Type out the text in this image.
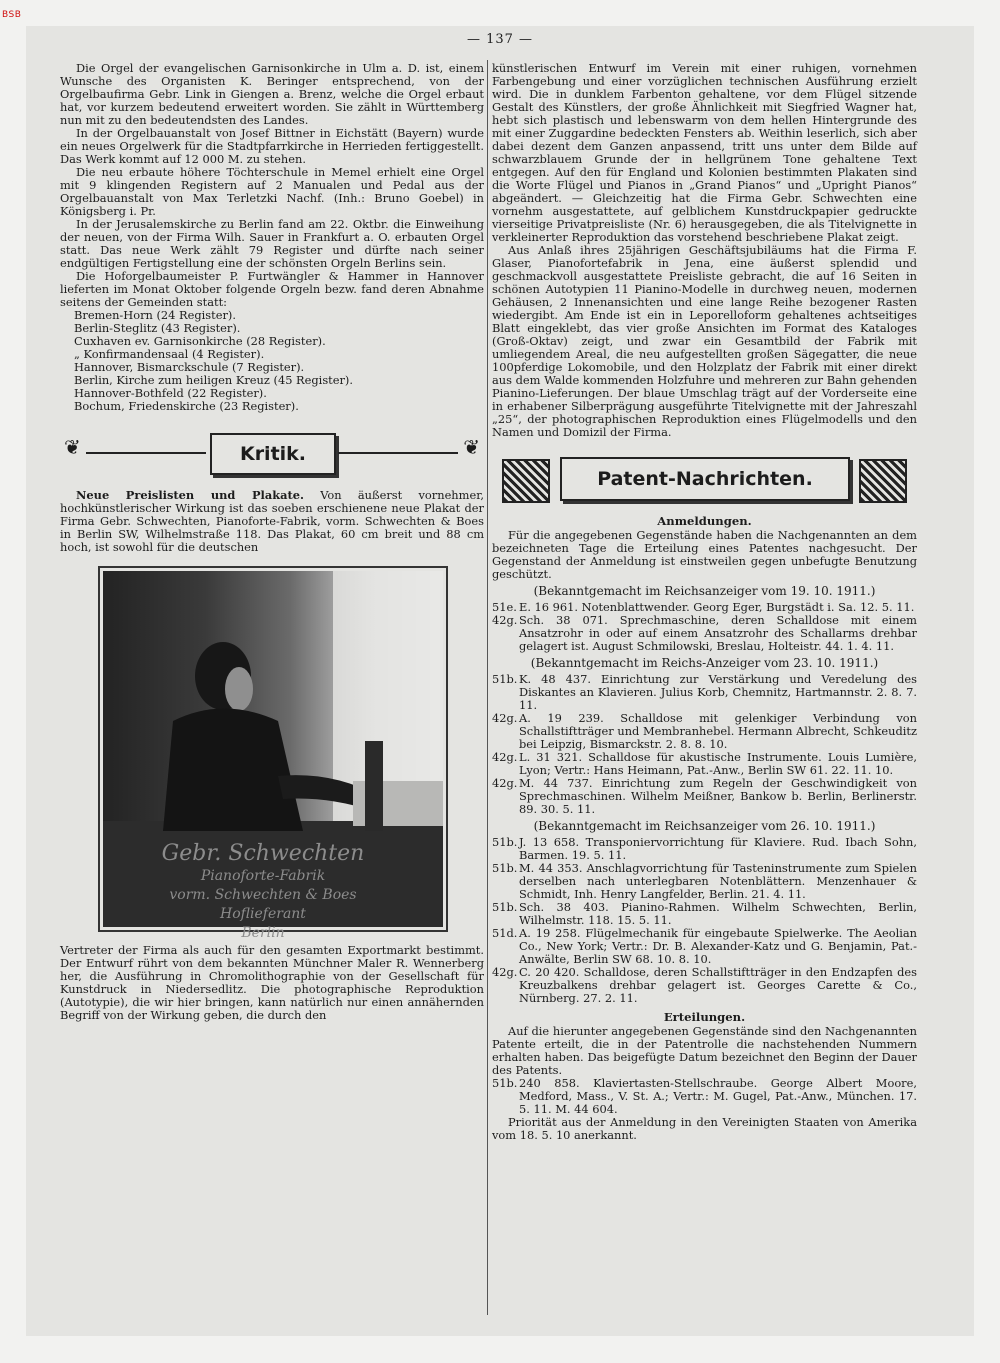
BSB
— 137 —

Die Orgel der evangelischen Garnisonkirche in Ulm a. D. ist, einem Wunsche des Organisten K. Beringer entsprechend, von der Orgelbaufirma Gebr. Link in Giengen a. Brenz, welche die Orgel erbaut hat, vor kurzem bedeutend erweitert worden. Sie zählt in Württemberg nun mit zu den bedeutendsten des Landes.

In der Orgelbauanstalt von Josef Bittner in Eichstätt (Bayern) wurde ein neues Orgelwerk für die Stadtpfarrkirche in Herrieden fertiggestellt. Das Werk kommt auf 12 000 M. zu stehen.

Die neu erbaute höhere Töchterschule in Memel erhielt eine Orgel mit 9 klingenden Registern auf 2 Manualen und Pedal aus der Orgelbauanstalt von Max Terletzki Nachf. (Inh.: Bruno Goebel) in Königsberg i. Pr.

In der Jerusalemskirche zu Berlin fand am 22. Oktbr. die Einweihung der neuen, von der Firma Wilh. Sauer in Frankfurt a. O. erbauten Orgel statt. Das neue Werk zählt 79 Register und dürfte nach seiner endgültigen Fertigstellung eine der schönsten Orgeln Berlins sein.

Die Hoforgelbaumeister P. Furtwängler & Hammer in Hannover lieferten im Monat Oktober folgende Orgeln bezw. fand deren Abnahme seitens der Gemeinden statt:

Bremen-Horn (24 Register).

Berlin-Steglitz (43 Register).

Cuxhaven ev. Garnisonkirche (28 Register).

„ Konfirmandensaal (4 Register).

Hannover, Bismarckschule (7 Register).

Berlin, Kirche zum heiligen Kreuz (45 Register).

Hannover-Bothfeld (22 Register).

Bochum, Friedenskirche (23 Register).

❦	Kritik.	❦

Neue Preislisten und Plakate. Von äußerst vornehmer, hochkünstlerischer Wirkung ist das soeben erschienene neue Plakat der Firma Gebr. Schwechten, Pianoforte-Fabrik, vorm. Schwechten & Boes in Berlin SW, Wilhelmstraße 118. Das Plakat, 60 cm breit und 88 cm hoch, ist sowohl für die deutschen

Gebr. Schwechten
Pianoforte-Fabrik
vorm. Schwechten & Boes
Hoflieferant
Berlin

Vertreter der Firma als auch für den gesamten Exportmarkt bestimmt. Der Entwurf rührt von dem bekannten Münchner Maler R. Wennerberg her, die Ausführung in Chromolithographie von der Gesellschaft für Kunstdruck in Niedersedlitz. Die photographische Reproduktion (Autotypie), die wir hier bringen, kann natürlich nur einen annähernden Begriff von der Wirkung geben, die durch den

künstlerischen Entwurf im Verein mit einer ruhigen, vornehmen Farbengebung und einer vorzüglichen technischen Ausführung erzielt wird. Die in dunklem Farbenton gehaltene, vor dem Flügel sitzende Gestalt des Künstlers, der große Ähnlichkeit mit Siegfried Wagner hat, hebt sich plastisch und lebenswarm von dem hellen Hintergrunde des mit einer Zuggardine bedeckten Fensters ab. Weithin leserlich, sich aber dabei dezent dem Ganzen anpassend, tritt uns unter dem Bilde auf schwarzblauem Grunde der in hellgrünem Tone gehaltene Text entgegen. Auf den für England und Kolonien bestimmten Plakaten sind die Worte Flügel und Pianos in „Grand Pianos“ und „Upright Pianos“ abgeändert. — Gleichzeitig hat die Firma Gebr. Schwechten eine vornehm ausgestattete, auf gelblichem Kunstdruckpapier gedruckte vierseitige Privatpreisliste (Nr. 6) herausgegeben, die als Titelvignette in verkleinerter Reproduktion das vorstehend beschriebene Plakat zeigt.

Aus Anlaß ihres 25jährigen Geschäftsjubiläums hat die Firma F. Glaser, Pianofortefabrik in Jena, eine äußerst splendid und geschmackvoll ausgestattete Preisliste gebracht, die auf 16 Seiten in schönen Autotypien 11 Pianino-Modelle in durchweg neuen, modernen Gehäusen, 2 Innenansichten und eine lange Reihe bezogener Rasten wiedergibt. Am Ende ist ein in Leporelloform gehaltenes achtseitiges Blatt eingeklebt, das vier große Ansichten im Format des Kataloges (Groß-Oktav) zeigt, und zwar ein Gesamtbild der Fabrik mit umliegendem Areal, die neu aufgestellten großen Sägegatter, die neue 100pferdige Lokomobile, und den Holzplatz der Fabrik mit einer direkt aus dem Walde kommenden Holzfuhre und mehreren zur Bahn gehenden Pianino-Lieferungen. Der blaue Umschlag trägt auf der Vorderseite eine in erhabener Silberprägung ausgeführte Titelvignette mit der Jahreszahl „25“, der photographischen Reproduktion eines Flügelmodells und den Namen und Domizil der Firma.

Patent-Nachrichten.
Anmeldungen.

Für die angegebenen Gegenstände haben die Nachgenannten an dem bezeichneten Tage die Erteilung eines Patentes nachgesucht. Der Gegenstand der Anmeldung ist einstweilen gegen unbefugte Benutzung geschützt.

(Bekanntgemacht im Reichsanzeiger vom 19. 10. 1911.)

51e. E. 16 961. Notenblattwender. Georg Eger, Burgstädt i. Sa. 12. 5. 11.
42g. Sch. 38 071. Sprechmaschine, deren Schalldose mit einem Ansatzrohr in oder auf einem Ansatzrohr des Schallarms drehbar gelagert ist. August Schmilowski, Breslau, Holteistr. 44. 1. 4. 11.

(Bekanntgemacht im Reichs-Anzeiger vom 23. 10. 1911.)

51b. K. 48 437. Einrichtung zur Verstärkung und Veredelung des Diskantes an Klavieren. Julius Korb, Chemnitz, Hartmannstr. 2. 8. 7. 11.
42g. A. 19 239. Schalldose mit gelenkiger Verbindung von Schallstiftträger und Membranhebel. Hermann Albrecht, Schkeuditz bei Leipzig, Bismarckstr. 2. 8. 8. 10.
42g. L. 31 321. Schalldose für akustische Instrumente. Louis Lumière, Lyon; Vertr.: Hans Heimann, Pat.-Anw., Berlin SW 61. 22. 11. 10.
42g. M. 44 737. Einrichtung zum Regeln der Geschwindigkeit von Sprechmaschinen. Wilhelm Meißner, Bankow b. Berlin, Berlinerstr. 89. 30. 5. 11.

(Bekanntgemacht im Reichsanzeiger vom 26. 10. 1911.)

51b. J. 13 658. Transponiervorrichtung für Klaviere. Rud. Ibach Sohn, Barmen. 19. 5. 11.
51b. M. 44 353. Anschlagvorrichtung für Tasteninstrumente zum Spielen derselben nach unterlegbaren Notenblättern. Menzenhauer & Schmidt, Inh. Henry Langfelder, Berlin. 21. 4. 11.
51b. Sch. 38 403. Pianino-Rahmen. Wilhelm Schwechten, Berlin, Wilhelmstr. 118. 15. 5. 11.
51d. A. 19 258. Flügelmechanik für eingebaute Spielwerke. The Aeolian Co., New York; Vertr.: Dr. B. Alexander-Katz und G. Benjamin, Pat.-Anwälte, Berlin SW 68. 10. 8. 10.
42g. C. 20 420. Schalldose, deren Schallstiftträger in den Endzapfen des Kreuzbalkens drehbar gelagert ist. Georges Carette & Co., Nürnberg. 27. 2. 11.
Erteilungen.

Auf die hierunter angegebenen Gegenstände sind den Nachgenannten Patente erteilt, die in der Patentrolle die nachstehenden Nummern erhalten haben. Das beigefügte Datum bezeichnet den Beginn der Dauer des Patents.

51b. 240 858. Klaviertasten-Stellschraube. George Albert Moore, Medford, Mass., V. St. A.; Vertr.: M. Gugel, Pat.-Anw., München. 17. 5. 11. M. 44 604.

Priorität aus der Anmeldung in den Vereinigten Staaten von Amerika vom 18. 5. 10 anerkannt.
